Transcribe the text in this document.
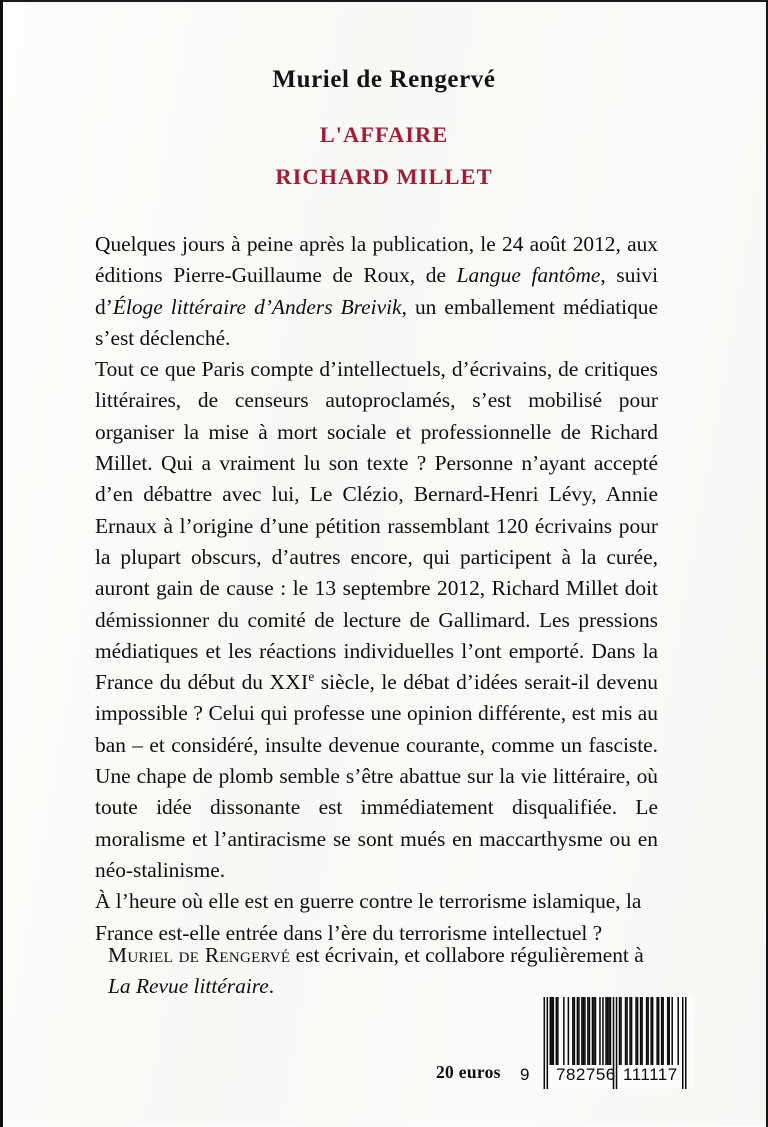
Muriel de Rengervé
L'AFFAIRE
RICHARD MILLET

Quelques jours à peine après la publication, le 24 août 2012, aux éditions Pierre-Guillaume de Roux, de Langue fantôme, suivi d’Éloge littéraire d’Anders Breivik, un emballement médiatique s’est déclenché.

Tout ce que Paris compte d’intellectuels, d’écrivains, de critiques littéraires, de censeurs autoproclamés, s’est mobilisé pour organiser la mise à mort sociale et professionnelle de Richard Millet. Qui a vraiment lu son texte ? Personne n’ayant accepté d’en débattre avec lui, Le Clézio, Bernard-Henri Lévy, Annie Ernaux à l’origine d’une pétition rassemblant 120 écrivains pour la plupart obscurs, d’autres encore, qui participent à la curée, auront gain de cause : le 13 septembre 2012, Richard Millet doit démissionner du comité de lecture de Gallimard. Les pressions médiatiques et les réactions individuelles l’ont emporté. Dans la France du début du XXIe siècle, le débat d’idées serait-il devenu impossible ? Celui qui professe une opinion différente, est mis au ban – et considéré, insulte devenue courante, comme un fasciste. Une chape de plomb semble s’être abattue sur la vie littéraire, où toute idée dissonante est immédiatement disqualifiée. Le moralisme et l’antiracisme se sont mués en maccarthysme ou en néo-stalinisme.

À l’heure où elle est en guerre contre le terrorisme islamique, la France est-elle entrée dans l’ère du terrorisme intellectuel ?

Muriel de Rengervé est écrivain, et collabore régulièrement à La Revue littéraire.

20 euros 9 782756 111117
